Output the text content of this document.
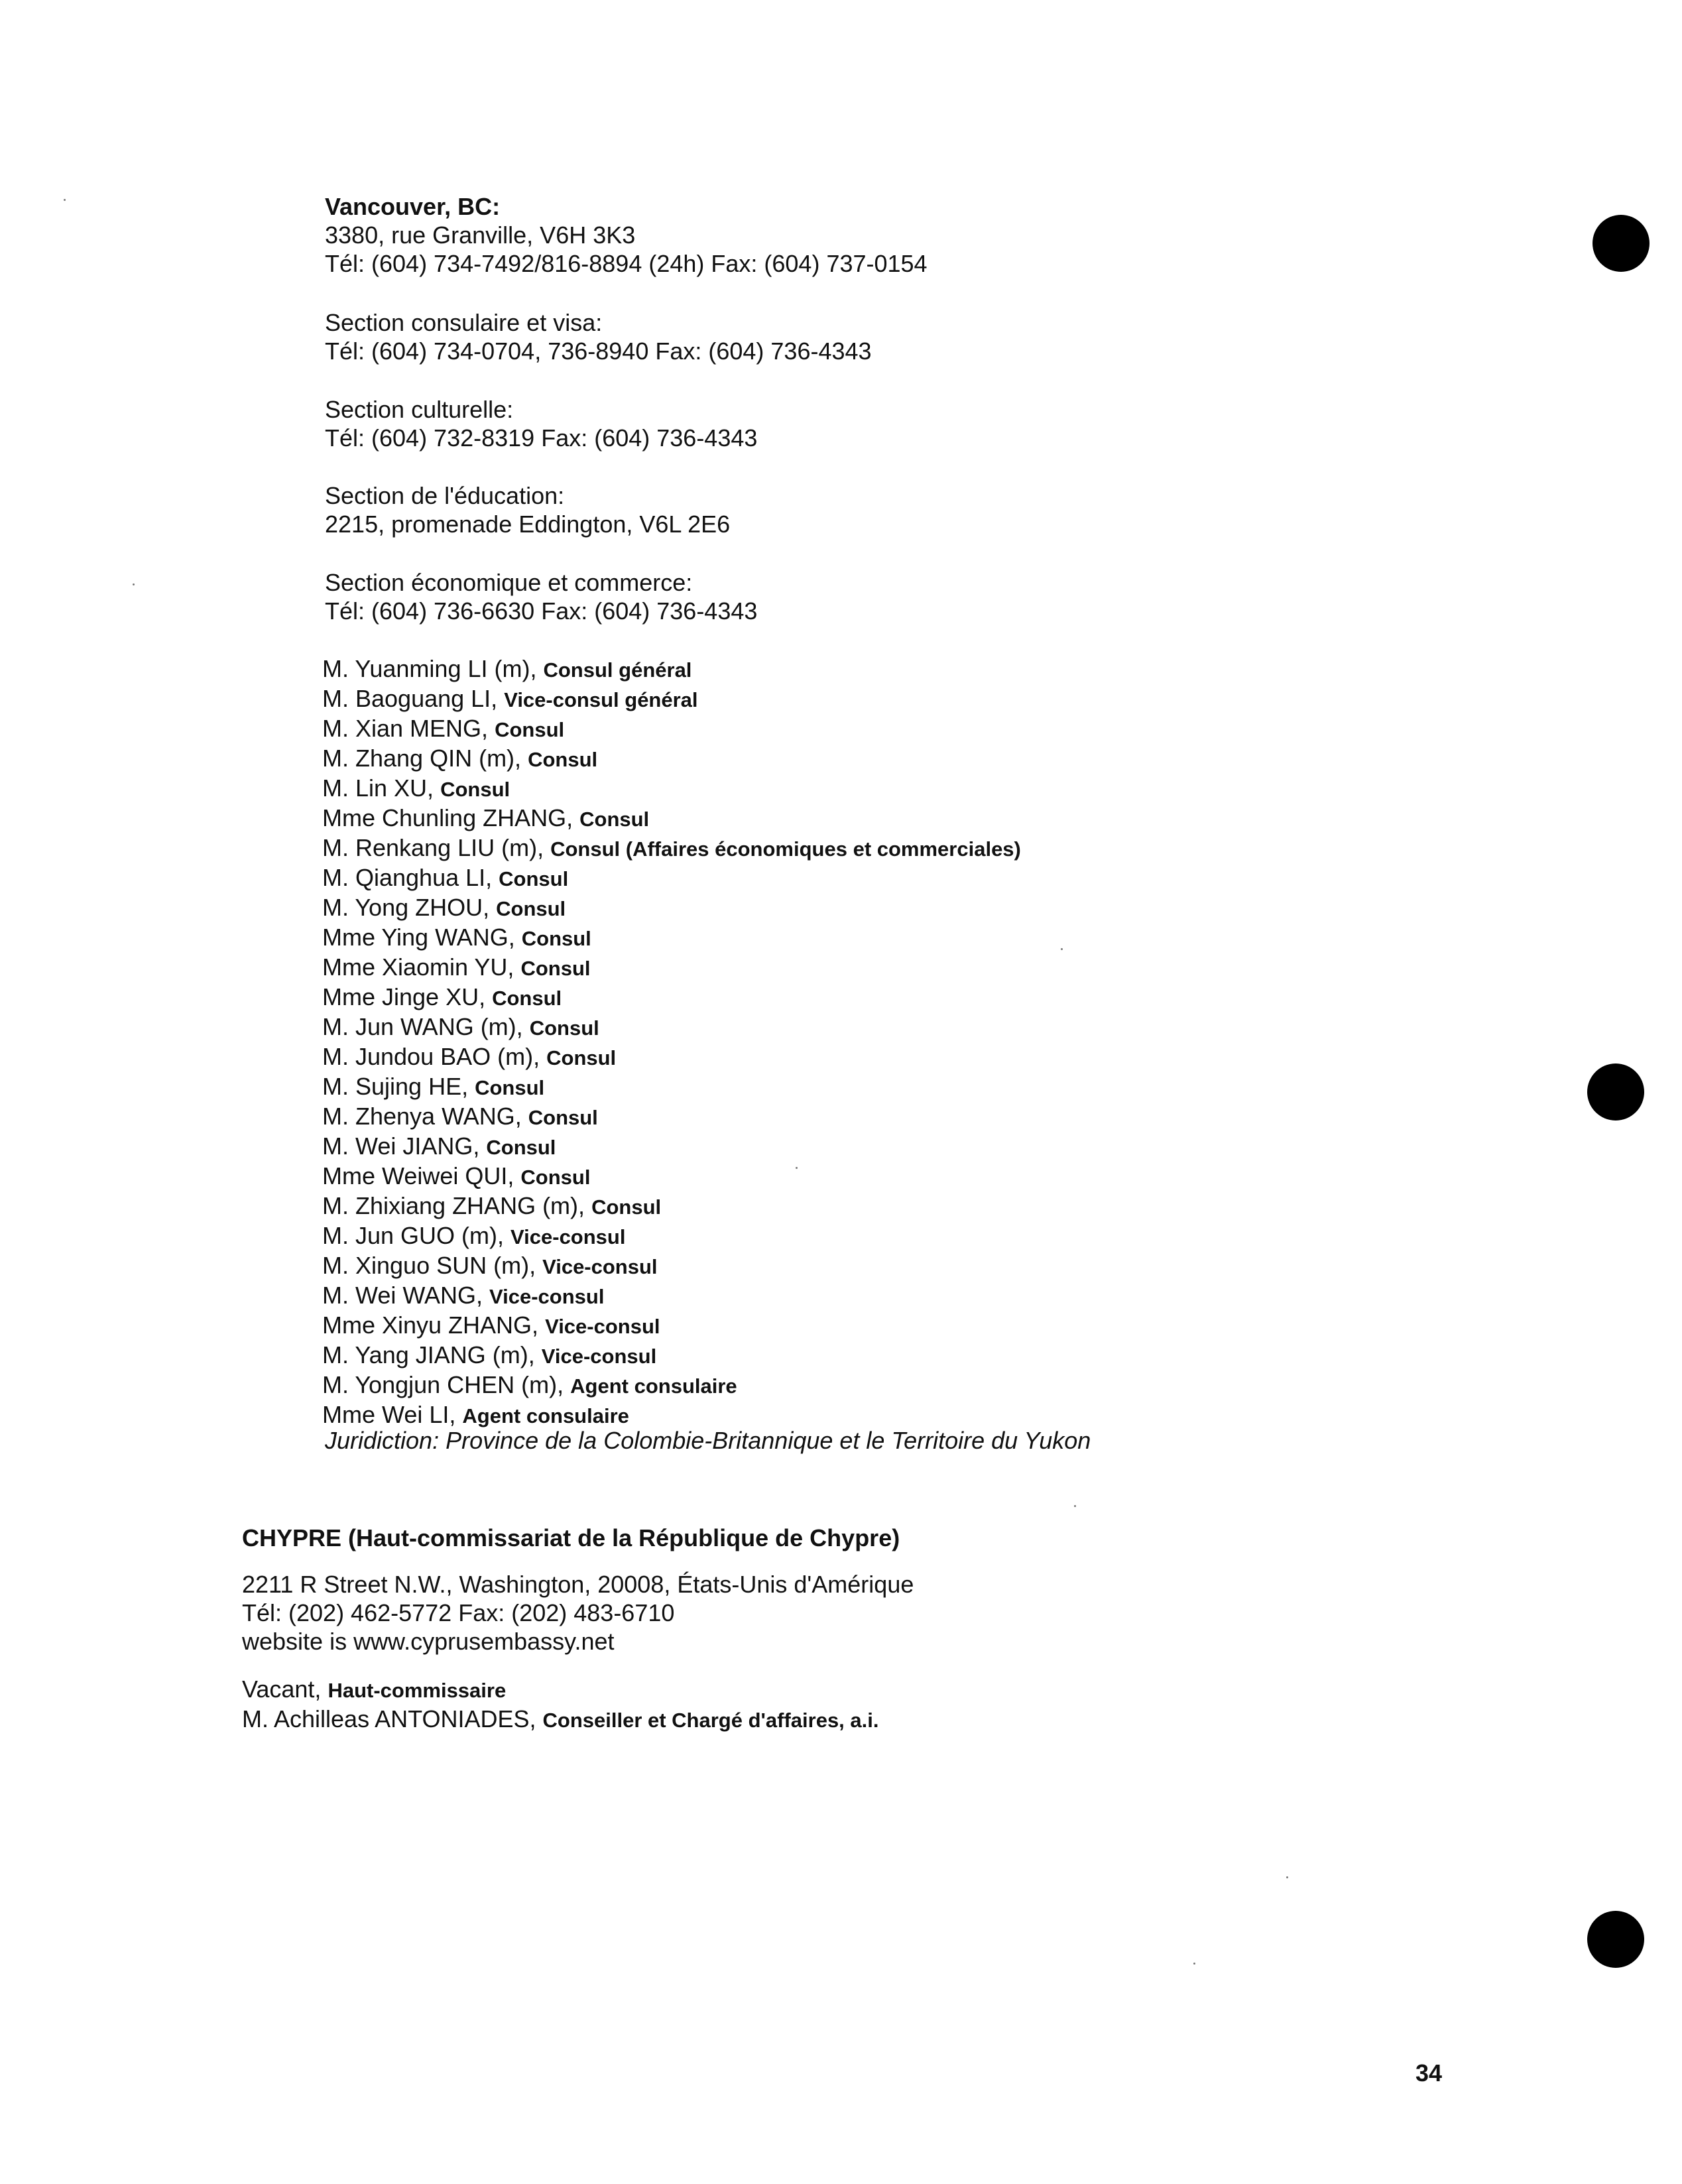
Vancouver, BC:
3380, rue Granville, V6H 3K3
Tél: (604) 734-7492/816-8894 (24h) Fax: (604) 737-0154
Section consulaire et visa:
Tél: (604) 734-0704, 736-8940 Fax: (604) 736-4343
Section culturelle:
Tél: (604) 732-8319 Fax: (604) 736-4343
Section de l'éducation:
2215, promenade Eddington, V6L 2E6
Section économique et commerce:
Tél: (604) 736-6630 Fax: (604) 736-4343
M. Yuanming LI (m), Consul général
M. Baoguang LI, Vice-consul général
M. Xian MENG, Consul
M. Zhang QIN (m), Consul
M. Lin XU, Consul
Mme Chunling ZHANG, Consul
M. Renkang LIU (m), Consul (Affaires économiques et commerciales)
M. Qianghua LI, Consul
M. Yong ZHOU, Consul
Mme Ying WANG, Consul
Mme Xiaomin YU, Consul
Mme Jinge XU, Consul
M. Jun WANG (m), Consul
M. Jundou BAO (m), Consul
M. Sujing HE, Consul
M. Zhenya WANG, Consul
M. Wei JIANG, Consul
Mme Weiwei QUI, Consul
M. Zhixiang ZHANG (m), Consul
M. Jun GUO (m), Vice-consul
M. Xinguo SUN (m), Vice-consul
M. Wei WANG, Vice-consul
Mme Xinyu ZHANG, Vice-consul
M. Yang JIANG (m), Vice-consul
M. Yongjun CHEN (m), Agent consulaire
Mme Wei LI, Agent consulaire
Juridiction: Province de la Colombie-Britannique et le Territoire du Yukon
CHYPRE (Haut-commissariat de la République de Chypre)
2211 R Street N.W., Washington, 20008, États-Unis d'Amérique
Tél: (202) 462-5772 Fax: (202) 483-6710
website is www.cyprusembassy.net
Vacant, Haut-commissaire
M. Achilleas ANTONIADES, Conseiller et Chargé d'affaires, a.i.
34
